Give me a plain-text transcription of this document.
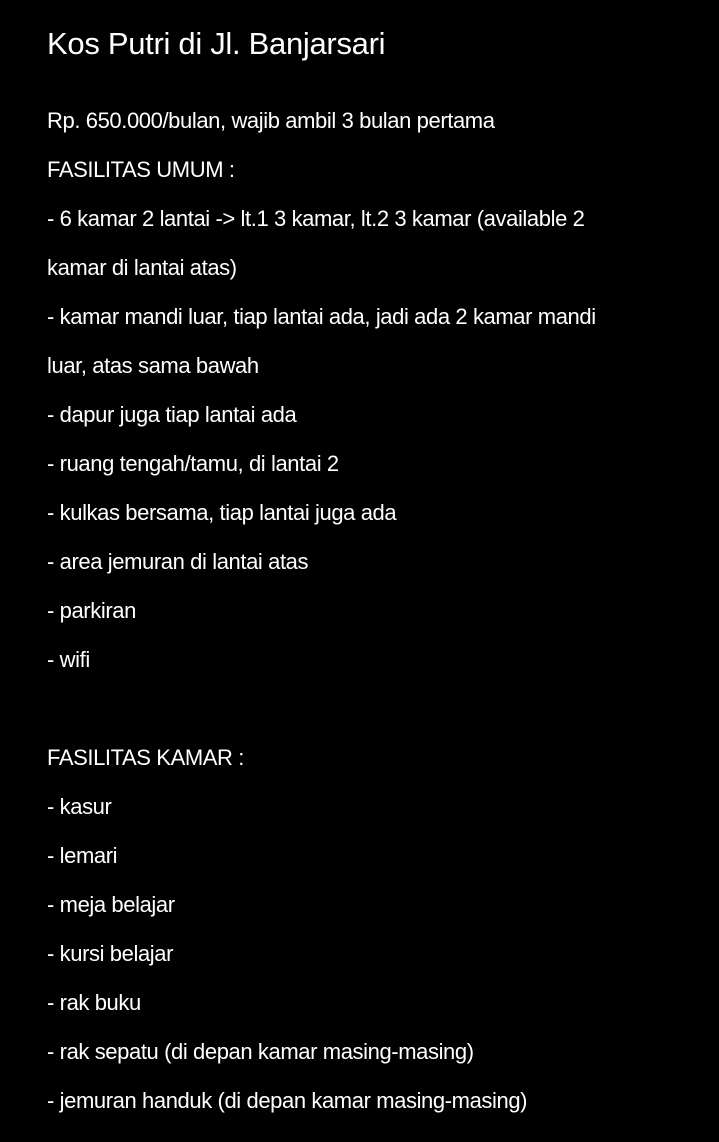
Kos Putri di Jl. Banjarsari
Rp. 650.000/bulan, wajib ambil 3 bulan pertama
FASILITAS UMUM :
- 6 kamar 2 lantai -> lt.1 3 kamar, lt.2 3 kamar (available 2
kamar di lantai atas)
- kamar mandi luar, tiap lantai ada, jadi ada 2 kamar mandi
luar, atas sama bawah
- dapur juga tiap lantai ada
- ruang tengah/tamu, di lantai 2
- kulkas bersama, tiap lantai juga ada
- area jemuran di lantai atas
- parkiran
- wifi
FASILITAS KAMAR :
- kasur
- lemari
- meja belajar
- kursi belajar
- rak buku
- rak sepatu (di depan kamar masing-masing)
- jemuran handuk (di depan kamar masing-masing)
